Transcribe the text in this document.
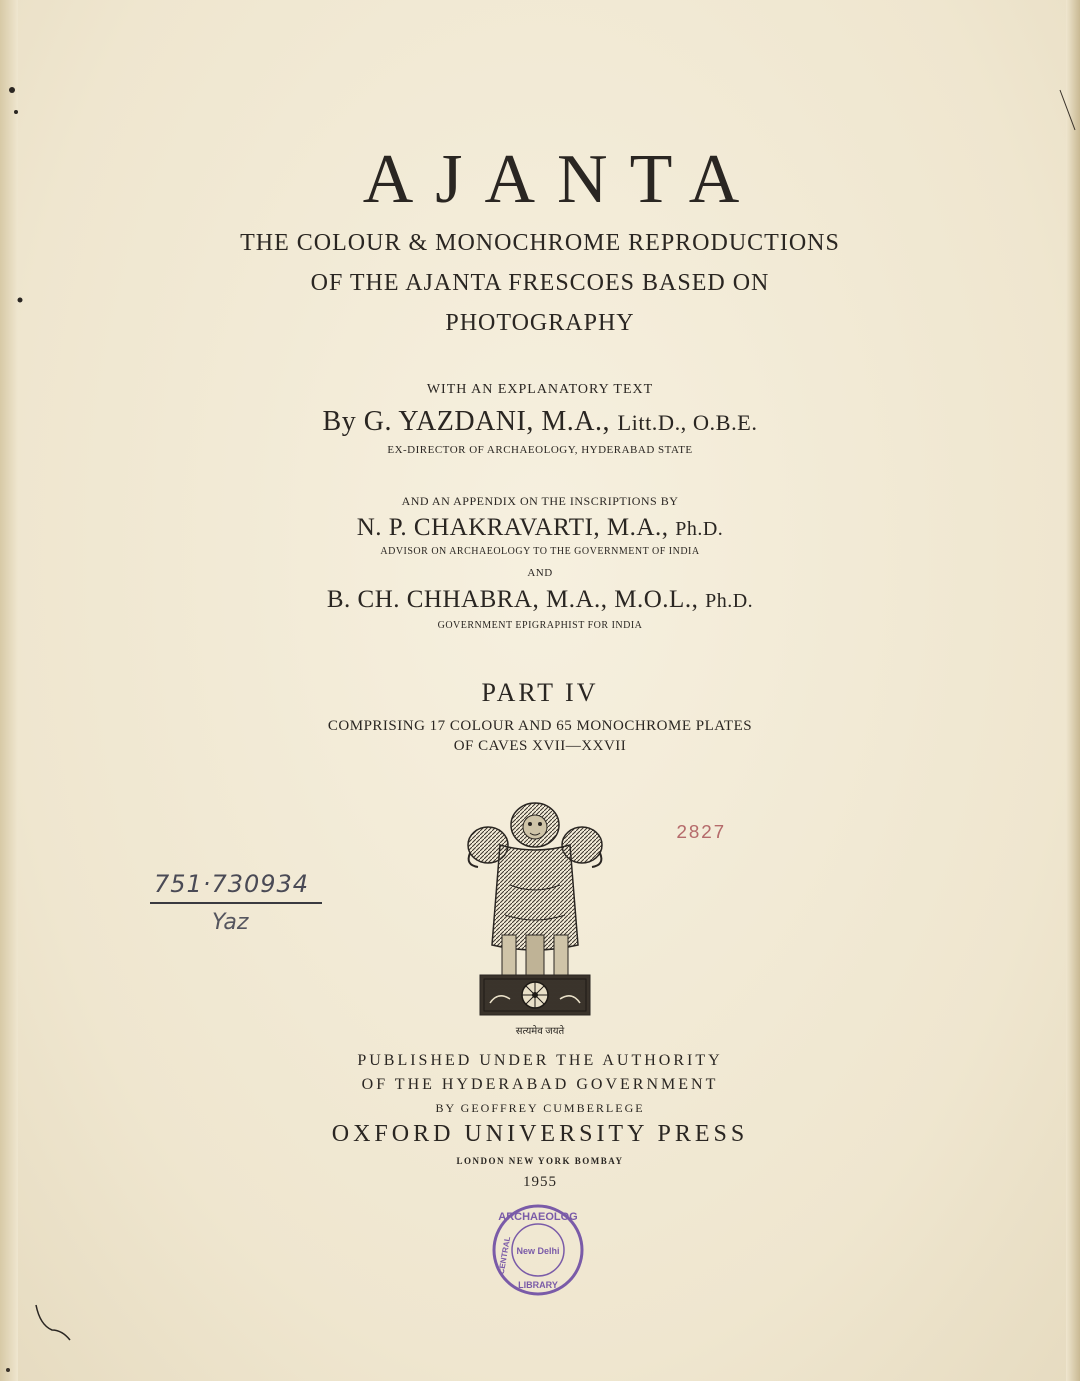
AJANTA
THE COLOUR & MONOCHROME REPRODUCTIONS
OF THE AJANTA FRESCOES BASED ON
PHOTOGRAPHY
WITH AN EXPLANATORY TEXT
By G. YAZDANI, M.A., Litt.D., O.B.E.
EX-DIRECTOR OF ARCHAEOLOGY, HYDERABAD STATE
AND AN APPENDIX ON THE INSCRIPTIONS BY
N. P. CHAKRAVARTI, M.A., Ph.D.
ADVISOR ON ARCHAEOLOGY TO THE GOVERNMENT OF INDIA
AND
B. CH. CHHABRA, M.A., M.O.L., Ph.D.
GOVERNMENT EPIGRAPHIST FOR INDIA
PART IV
COMPRISING 17 COLOUR AND 65 MONOCHROME PLATES
OF CAVES XVII—XXVII
2827
751·730934
Yaz
सत्यमेव जयते
PUBLISHED UNDER THE AUTHORITY
OF THE HYDERABAD GOVERNMENT
BY GEOFFREY CUMBERLEGE
OXFORD UNIVERSITY PRESS
LONDON NEW YORK BOMBAY
1955
ARCHAEOLOG
CENTRAL New Delhi
LIBRARY
